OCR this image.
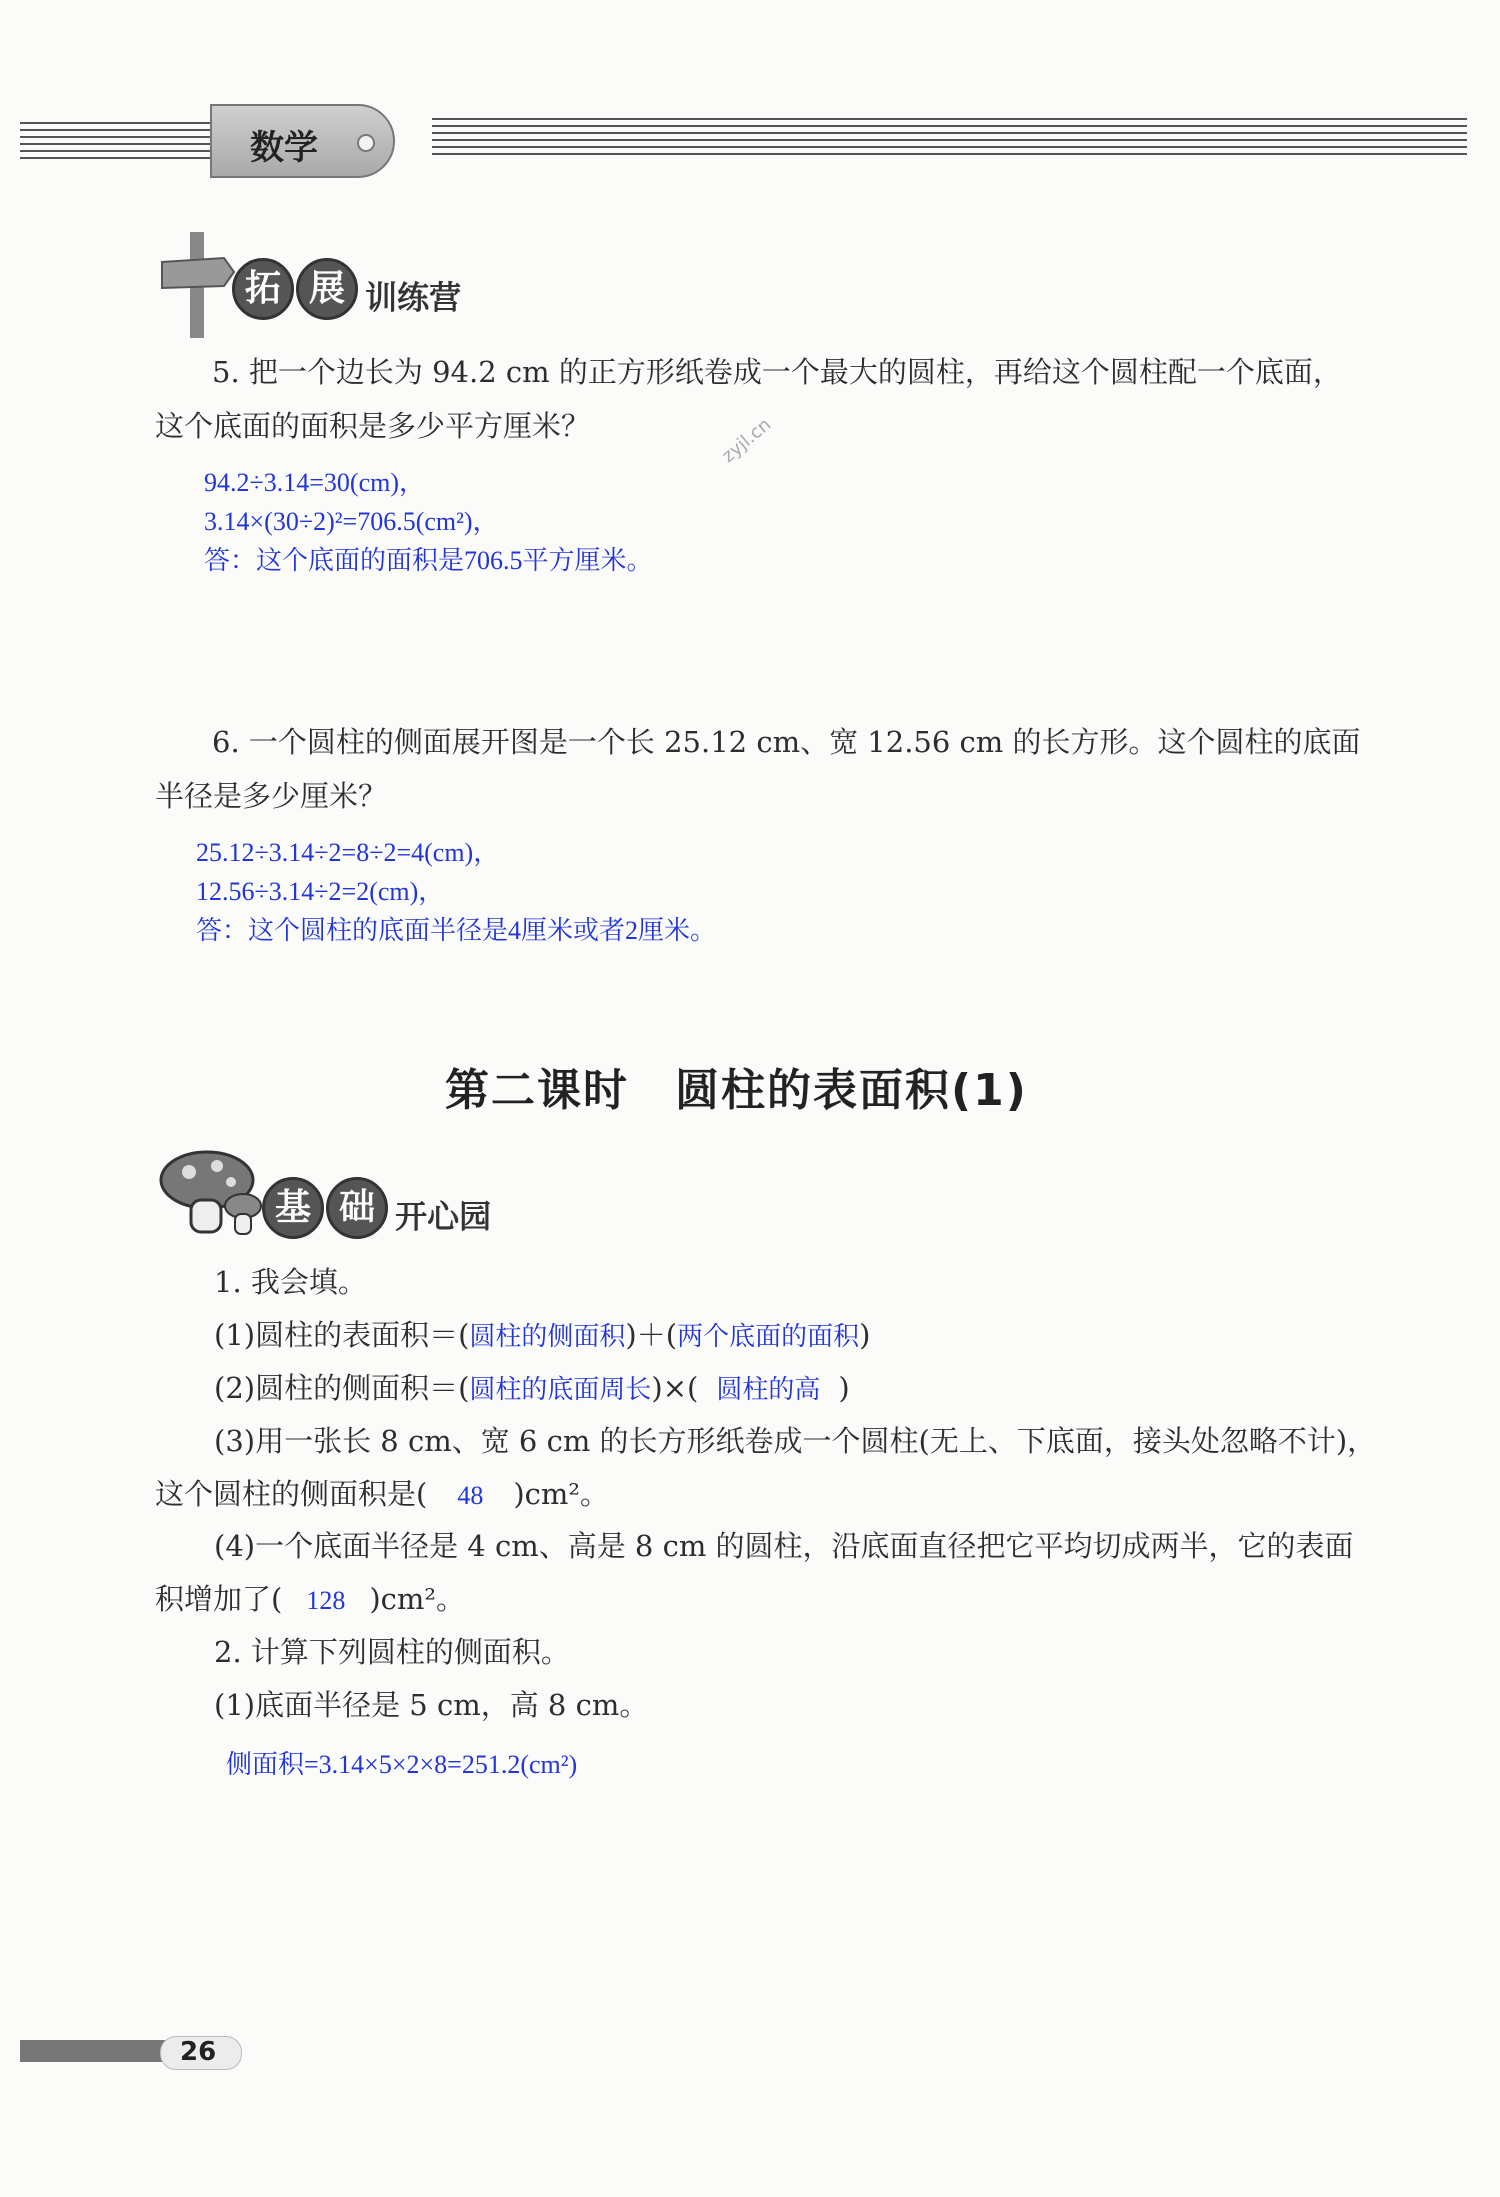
数学
拓 展 训练营
5. 把一个边长为 94.2 cm 的正方形纸卷成一个最大的圆柱，再给这个圆柱配一个底面，
这个底面的面积是多少平方厘米？	zyjl.cn
94.2÷3.14=30(cm)，
3.14×(30÷2)²=706.5(cm²)，
答：这个底面的面积是706.5平方厘米。
6. 一个圆柱的侧面展开图是一个长 25.12 cm、宽 12.56 cm 的长方形。这个圆柱的底面
半径是多少厘米？
25.12÷3.14÷2=8÷2=4(cm)，
12.56÷3.14÷2=2(cm)，
答：这个圆柱的底面半径是4厘米或者2厘米。
第二课时　圆柱的表面积(1)
基 础 开心园
1. 我会填。
(1)圆柱的表面积＝(圆柱的侧面积)＋(两个底面的面积)
(2)圆柱的侧面积＝(圆柱的底面周长)×( 圆柱的高 )
(3)用一张长 8 cm、宽 6 cm 的长方形纸卷成一个圆柱(无上、下底面，接头处忽略不计)，
这个圆柱的侧面积是( 48 )cm²。
(4)一个底面半径是 4 cm、高是 8 cm 的圆柱，沿底面直径把它平均切成两半，它的表面
积增加了( 128 )cm²。
2. 计算下列圆柱的侧面积。
(1)底面半径是 5 cm，高 8 cm。
侧面积=3.14×5×2×8=251.2(cm²)
26
